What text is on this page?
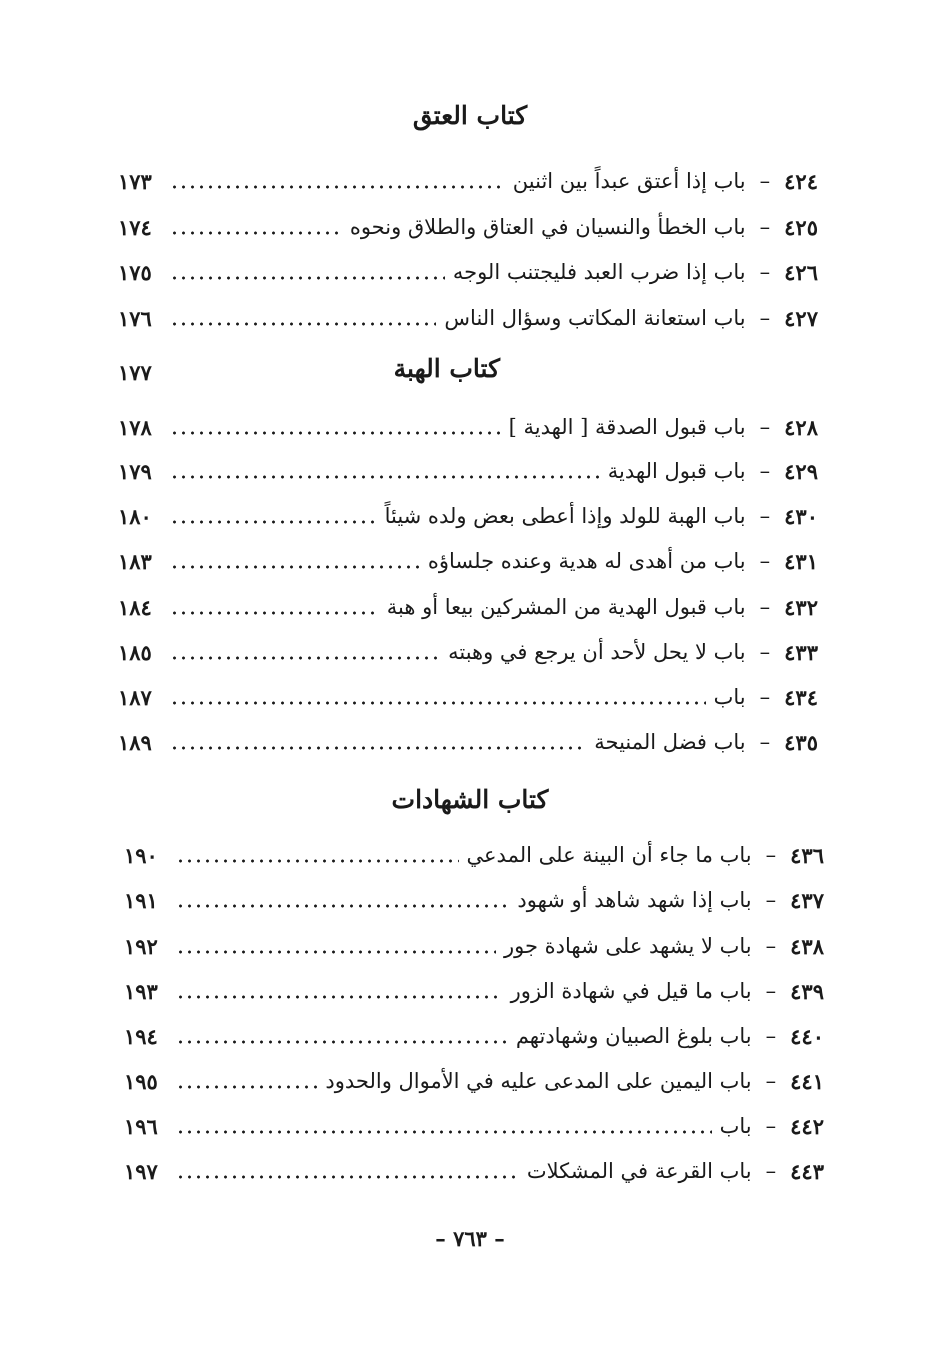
كتاب العتق
٤٢٤
–
باب إذا أعتق عبداً بين اثنين
١٧٣
٤٢٥
–
باب الخطأ والنسيان في العتاق والطلاق ونحوه
١٧٤
٤٢٦
–
باب إذا ضرب العبد فليجتنب الوجه
١٧٥
٤٢٧
–
باب استعانة المكاتب وسؤال الناس
١٧٦
كتاب الهبة
١٧٧
٤٢٨
–
باب قبول الصدقة [ الهدية ]
١٧٨
٤٢٩
–
باب قبول الهدية
١٧٩
٤٣٠
–
باب الهبة للولد وإذا أعطى بعض ولده شيئاً
١٨٠
٤٣١
–
باب من أهدى له هدية وعنده جلساؤه
١٨٣
٤٣٢
–
باب قبول الهدية من المشركين بيعا أو هبة
١٨٤
٤٣٣
–
باب لا يحل لأحد أن يرجع في وهبته
١٨٥
٤٣٤
–
باب
١٨٧
٤٣٥
–
باب فضل المنيحة
١٨٩
كتاب الشهادات
٤٣٦
–
باب ما جاء أن البينة على المدعي
١٩٠
٤٣٧
–
باب إذا شهد شاهد أو شهود
١٩١
٤٣٨
–
باب لا يشهد على شهادة جور
١٩٢
٤٣٩
–
باب ما قيل في شهادة الزور
١٩٣
٤٤٠
–
باب بلوغ الصبيان وشهادتهم
١٩٤
٤٤١
–
باب اليمين على المدعى عليه في الأموال والحدود
١٩٥
٤٤٢
–
باب
١٩٦
٤٤٣
–
باب القرعة في المشكلات
١٩٧
– ٧٦٣ –
